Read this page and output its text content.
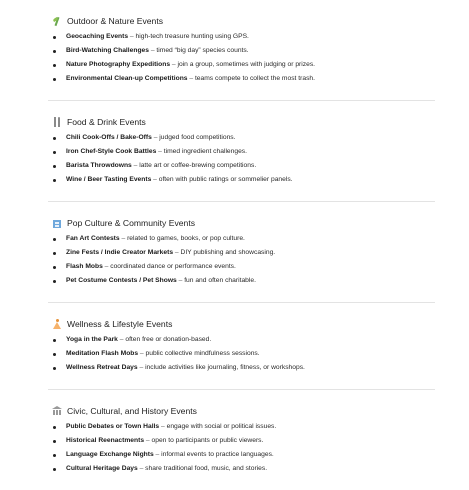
Outdoor & Nature Events
Geocaching Events – high-tech treasure hunting using GPS.
Bird-Watching Challenges – timed “big day” species counts.
Nature Photography Expeditions – join a group, sometimes with judging or prizes.
Environmental Clean-up Competitions – teams compete to collect the most trash.
Food & Drink Events
Chili Cook-Offs / Bake-Offs – judged food competitions.
Iron Chef-Style Cook Battles – timed ingredient challenges.
Barista Throwdowns – latte art or coffee-brewing competitions.
Wine / Beer Tasting Events – often with public ratings or sommelier panels.
Pop Culture & Community Events
Fan Art Contests – related to games, books, or pop culture.
Zine Fests / Indie Creator Markets – DIY publishing and showcasing.
Flash Mobs – coordinated dance or performance events.
Pet Costume Contests / Pet Shows – fun and often charitable.
Wellness & Lifestyle Events
Yoga in the Park – often free or donation-based.
Meditation Flash Mobs – public collective mindfulness sessions.
Wellness Retreat Days – include activities like journaling, fitness, or workshops.
Civic, Cultural, and History Events
Public Debates or Town Halls – engage with social or political issues.
Historical Reenactments – open to participants or public viewers.
Language Exchange Nights – informal events to practice languages.
Cultural Heritage Days – share traditional food, music, and stories.
